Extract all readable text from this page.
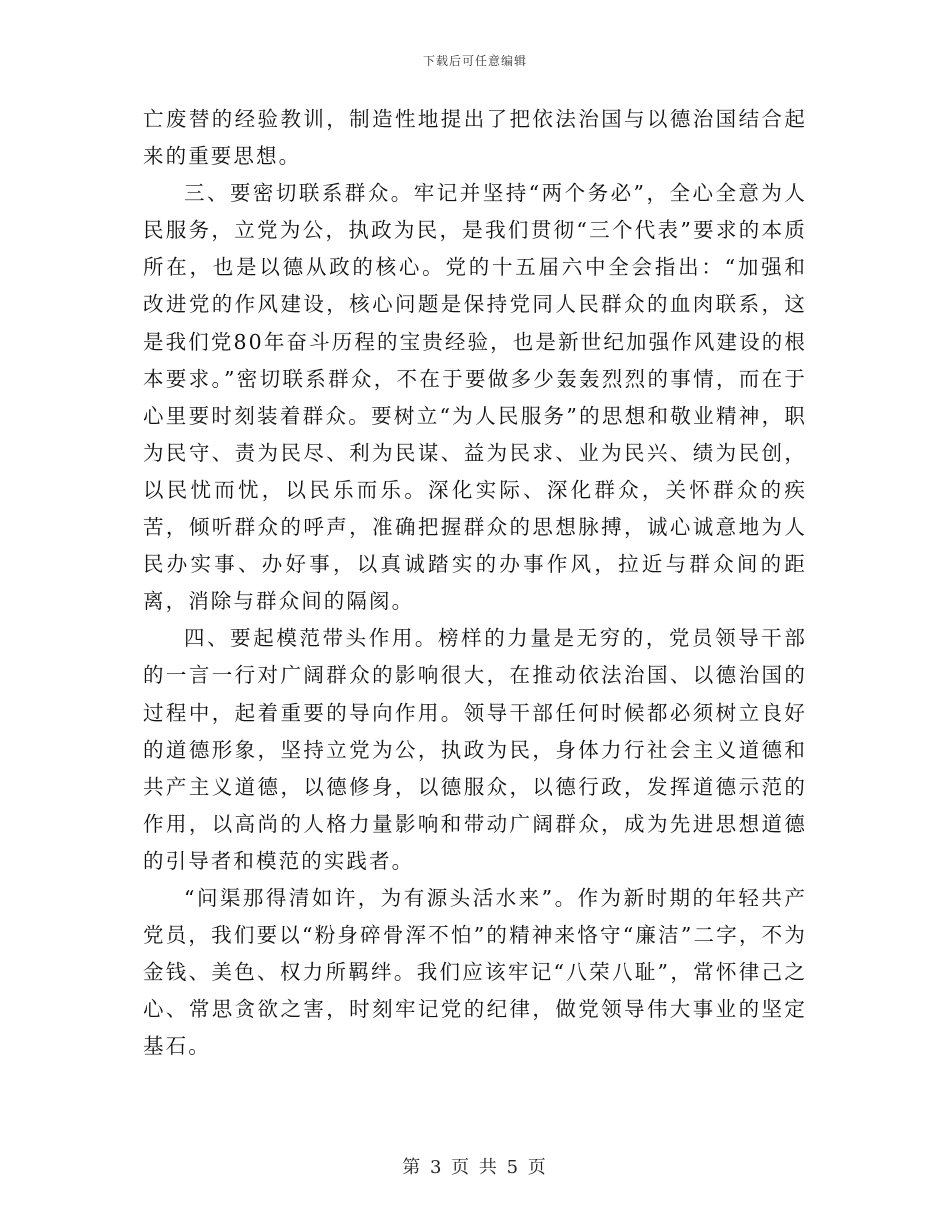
下载后可任意编辑

亡废替的经验教训，制造性地提出了把依法治国与以德治国结合起来的重要思想。

三、要密切联系群众。牢记并坚持“两个务必”，全心全意为人民服务，立党为公，执政为民，是我们贯彻“三个代表”要求的本质所在，也是以德从政的核心。党的十五届六中全会指出：“加强和改进党的作风建设，核心问题是保持党同人民群众的血肉联系，这是我们党80年奋斗历程的宝贵经验，也是新世纪加强作风建设的根本要求。”密切联系群众，不在于要做多少轰轰烈烈的事情，而在于心里要时刻装着群众。要树立“为人民服务”的思想和敬业精神，职为民守、责为民尽、利为民谋、益为民求、业为民兴、绩为民创，以民忧而忧，以民乐而乐。深化实际、深化群众，关怀群众的疾苦，倾听群众的呼声，准确把握群众的思想脉搏，诚心诚意地为人民办实事、办好事，以真诚踏实的办事作风，拉近与群众间的距离，消除与群众间的隔阂。

四、要起模范带头作用。榜样的力量是无穷的，党员领导干部的一言一行对广阔群众的影响很大，在推动依法治国、以德治国的过程中，起着重要的导向作用。领导干部任何时候都必须树立良好的道德形象，坚持立党为公，执政为民，身体力行社会主义道德和共产主义道德，以德修身，以德服众，以德行政，发挥道德示范的作用，以高尚的人格力量影响和带动广阔群众，成为先进思想道德的引导者和模范的实践者。

“问渠那得清如许，为有源头活水来”。作为新时期的年轻共产党员，我们要以“粉身碎骨浑不怕”的精神来恪守“廉洁”二字，不为金钱、美色、权力所羁绊。我们应该牢记“八荣八耻”，常怀律己之心、常思贪欲之害，时刻牢记党的纪律，做党领导伟大事业的坚定基石。

第 3 页 共 5 页
